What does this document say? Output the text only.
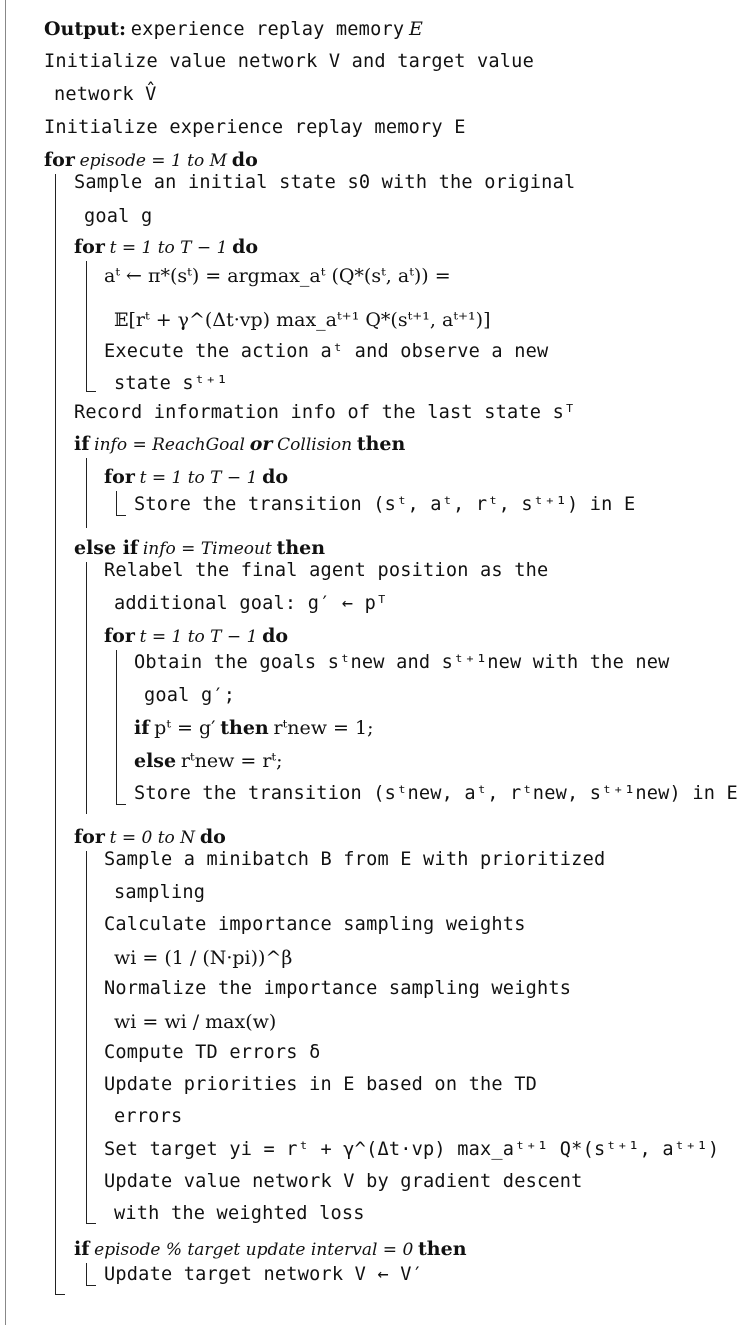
Output: experience replay memory E
Initialize value network V and target value
network V̂
Initialize experience replay memory E
for episode = 1 to M do
Sample an initial state s0 with the original
goal g
for t = 1 to T − 1 do
aᵗ ← π*(sᵗ) = argmax_aᵗ (Q*(sᵗ, aᵗ)) =
𝔼[rᵗ + γ^(Δt·vp) max_aᵗ⁺¹ Q*(sᵗ⁺¹, aᵗ⁺¹)]
Execute the action aᵗ and observe a new
state sᵗ⁺¹
Record information info of the last state sᵀ
if info = ReachGoal or Collision then
for t = 1 to T − 1 do
Store the transition (sᵗ, aᵗ, rᵗ, sᵗ⁺¹) in E
else if info = Timeout then
Relabel the final agent position as the
additional goal: g′ ← pᵀ
for t = 1 to T − 1 do
Obtain the goals sᵗnew and sᵗ⁺¹new with the new
goal g′;
if pᵗ = g′ then rᵗnew = 1;
else rᵗnew = rᵗ;
Store the transition (sᵗnew, aᵗ, rᵗnew, sᵗ⁺¹new) in E
for t = 0 to N do
Sample a minibatch B from E with prioritized
sampling
Calculate importance sampling weights
wi = (1 / (N·pi))^β
Normalize the importance sampling weights
wi = wi / max(w)
Compute TD errors δ
Update priorities in E based on the TD
errors
Set target yi = rᵗ + γ^(Δt·vp) max_aᵗ⁺¹ Q*(sᵗ⁺¹, aᵗ⁺¹)
Update value network V by gradient descent
with the weighted loss
if episode % target update interval = 0 then
Update target network V ← V′
